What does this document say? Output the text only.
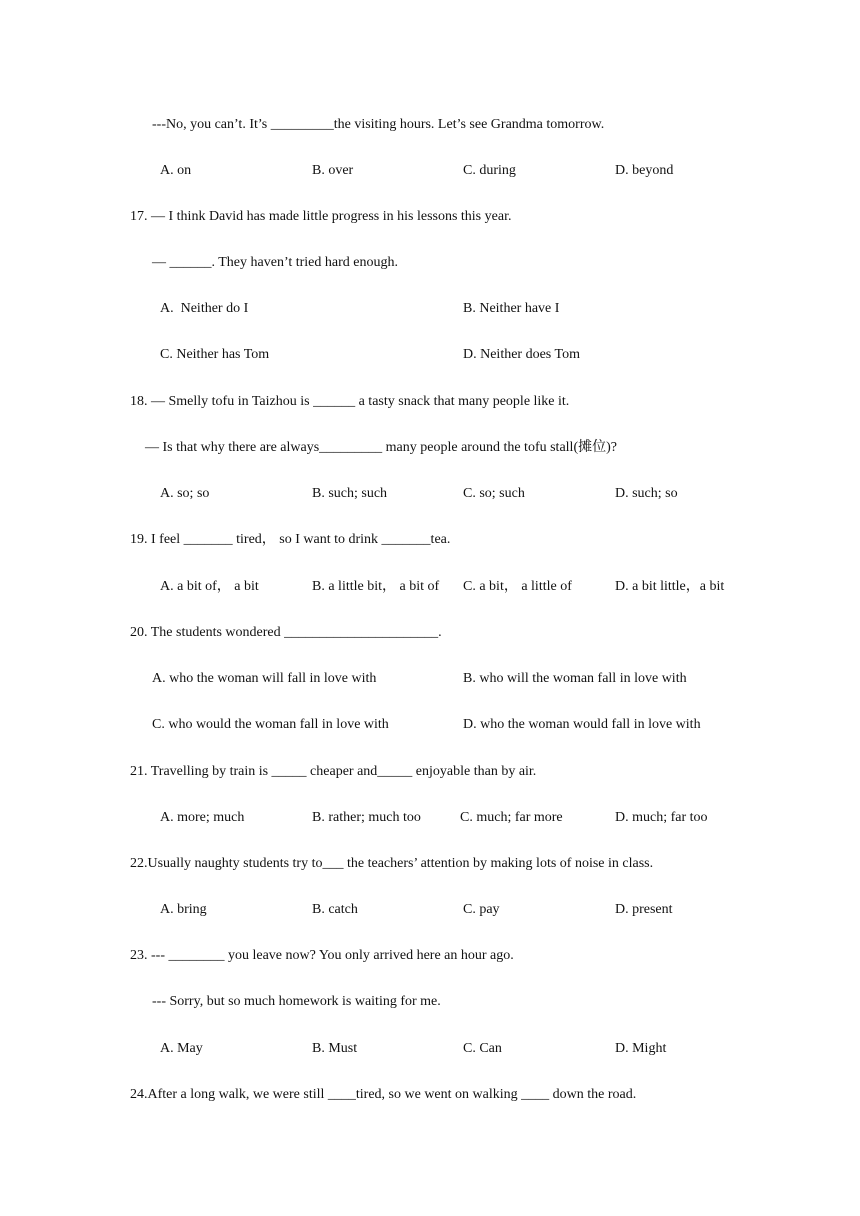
---No, you can’t. It’s _________the visiting hours. Let’s see Grandma tomorrow.
A. on	B. over	C. during	D. beyond
17. — I think David has made little progress in his lessons this year.
— ______. They haven’t tried hard enough.
A.  Neither do I	B. Neither have I
C. Neither has Tom	D. Neither does Tom
18. — Smelly tofu in Taizhou is ______ a tasty snack that many people like it.
— Is that why there are always_________ many people around the tofu stall(摊位)?
A. so; so	B. such; such	C. so; such	D. such; so
19. I feel _______ tired， so I want to drink _______tea.
A. a bit of， a bit	B. a little bit， a bit of C. a bit， a little of	D. a bit little，a bit
20. The students wondered ______________________.
A. who the woman will fall in love with	B. who will the woman fall in love with
C. who would the woman fall in love with	D. who the woman would fall in love with
21. Travelling by train is _____ cheaper and_____ enjoyable than by air.
A. more; much	B. rather; much too	C. much; far more	D. much; far too
22.Usually naughty students try to___ the teachers’ attention by making lots of noise in class.
A. bring	B. catch	C. pay	D. present
23. --- ________ you leave now? You only arrived here an hour ago.
--- Sorry, but so much homework is waiting for me.
A. May	B. Must	C. Can	D. Might
24.After a long walk, we were still ____tired, so we went on walking ____ down the road.
